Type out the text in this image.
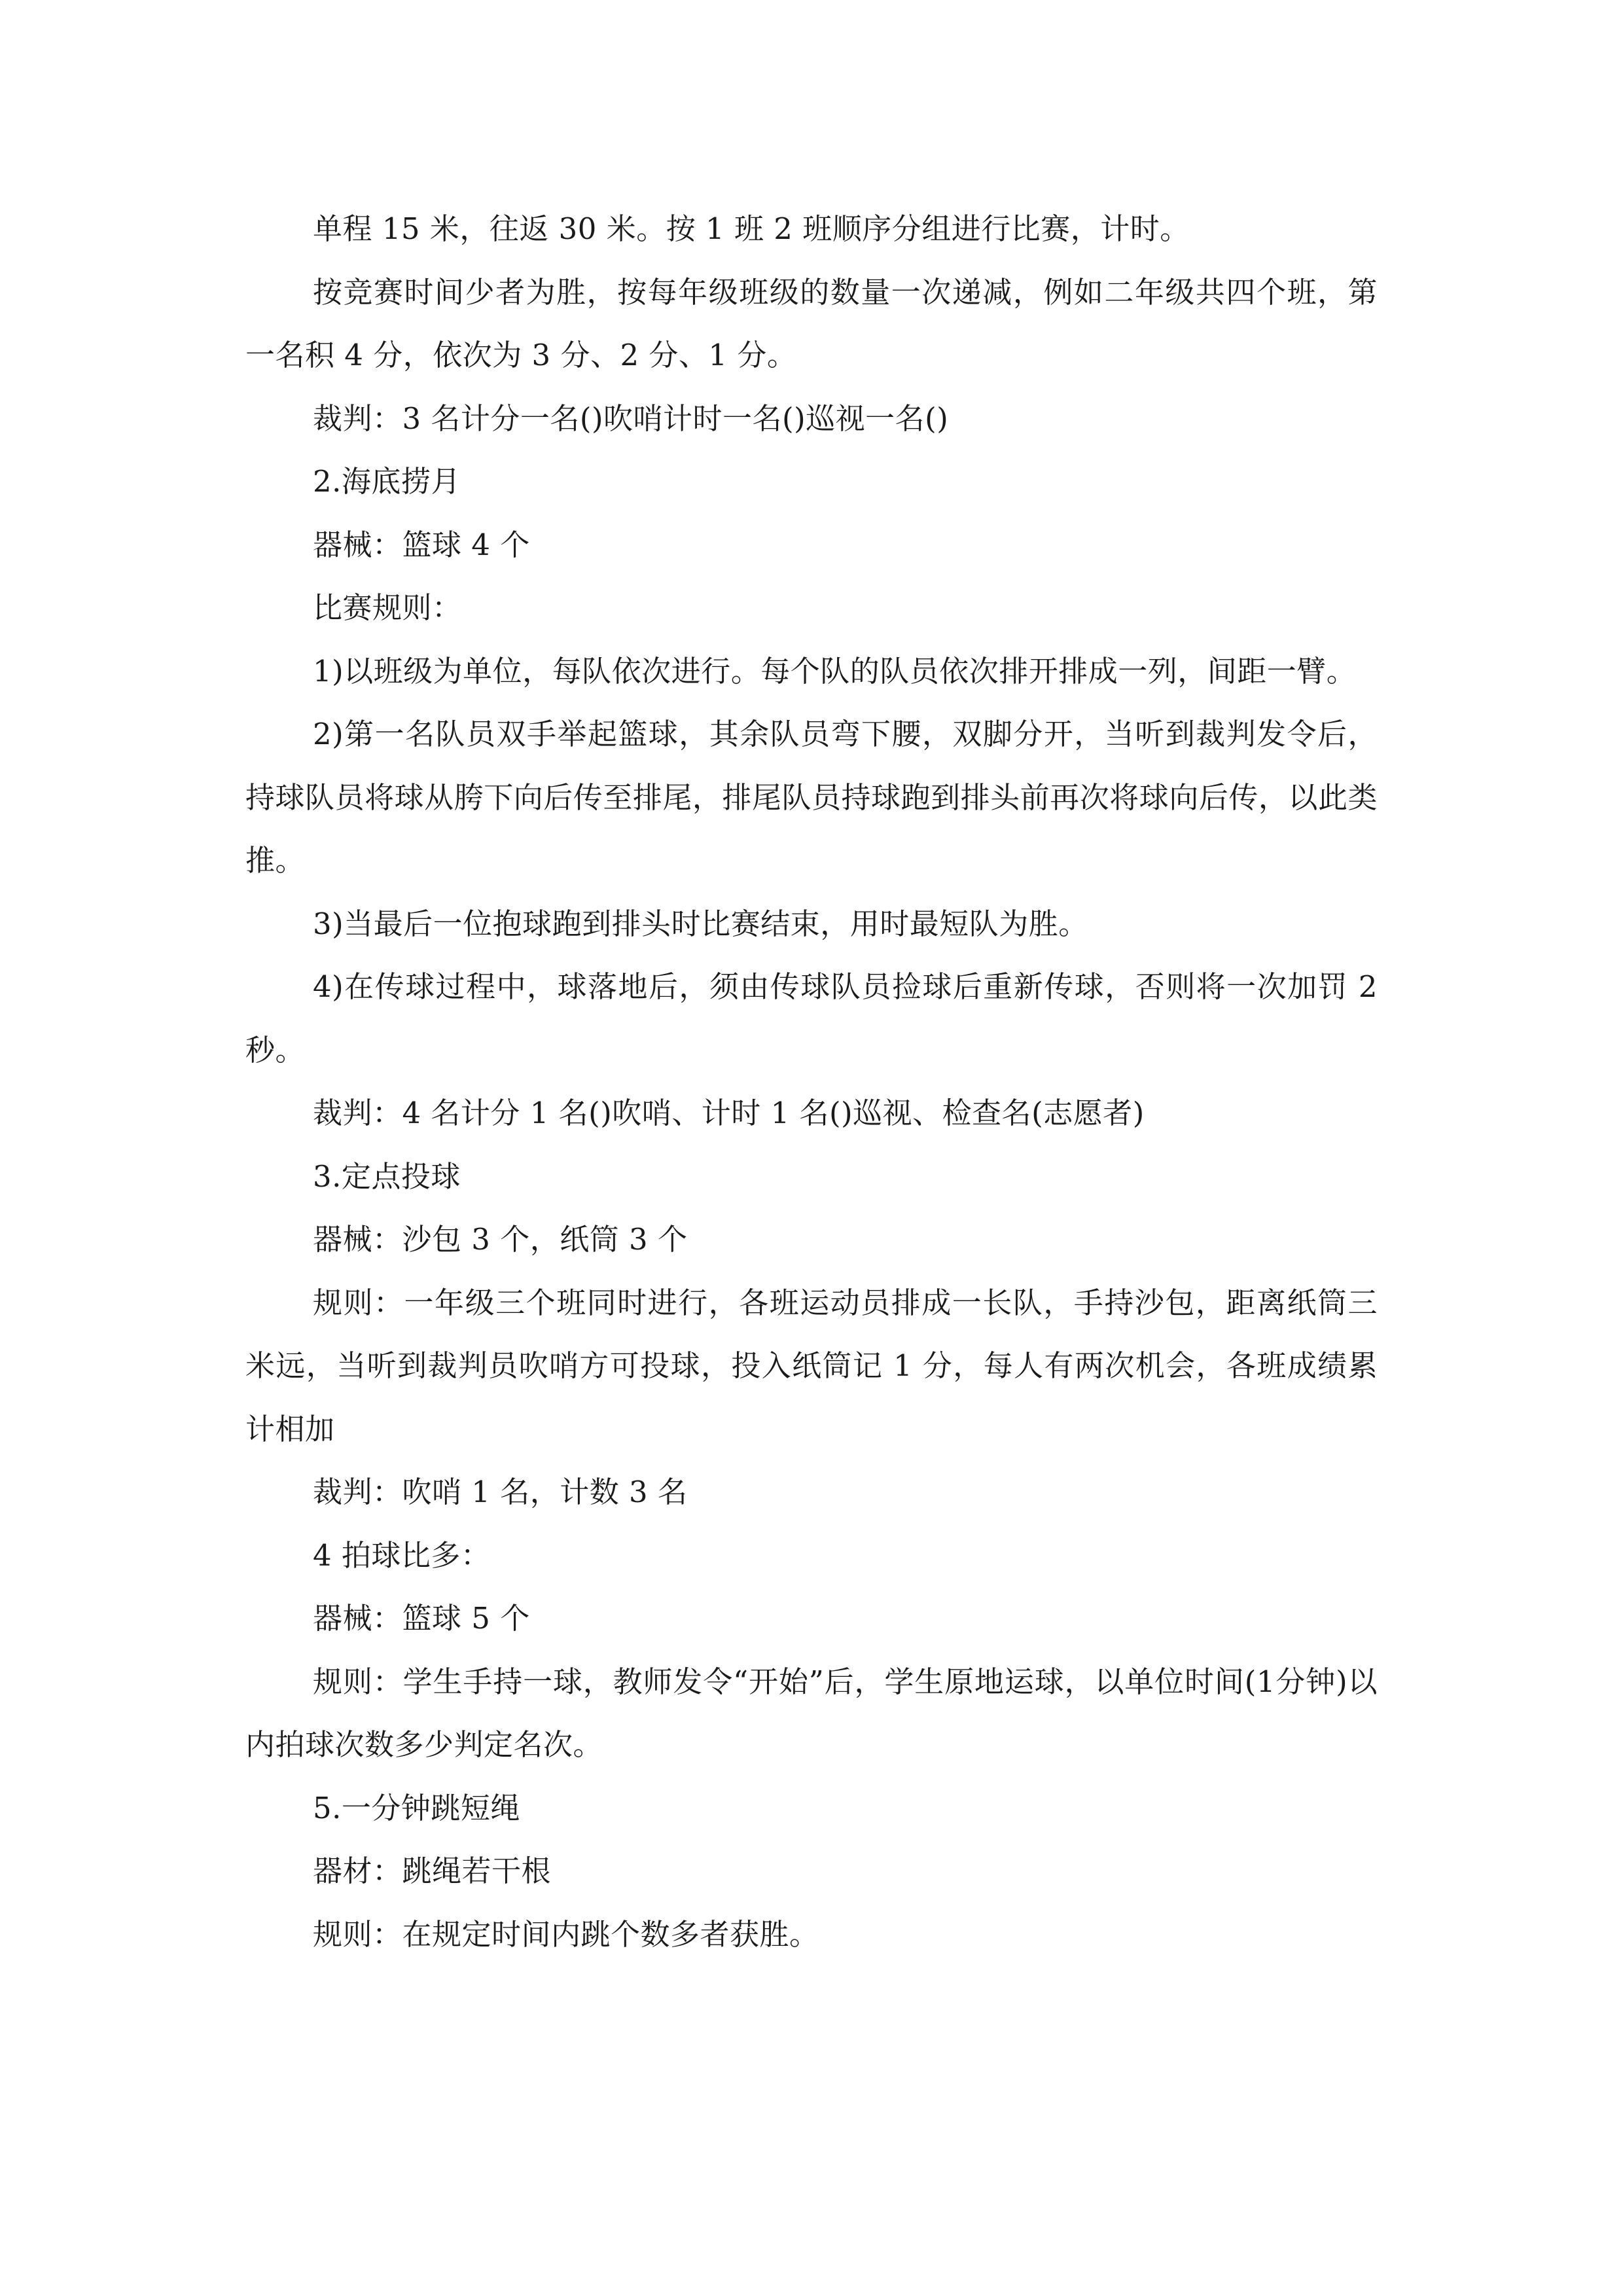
单程 15 米，往返 30 米。按 1 班 2 班顺序分组进行比赛，计时。

按竞赛时间少者为胜，按每年级班级的数量一次递减，例如二年级共四个班，第一名积 4 分，依次为 3 分、2 分、1 分。

裁判：3 名计分一名()吹哨计时一名()巡视一名()

2.海底捞月

器械：篮球 4 个

比赛规则：

1)以班级为单位，每队依次进行。每个队的队员依次排开排成一列，间距一臂。

2)第一名队员双手举起篮球，其余队员弯下腰，双脚分开，当听到裁判发令后，持球队员将球从胯下向后传至排尾，排尾队员持球跑到排头前再次将球向后传，以此类推。

3)当最后一位抱球跑到排头时比赛结束，用时最短队为胜。

4)在传球过程中，球落地后，须由传球队员捡球后重新传球，否则将一次加罚 2 秒。

裁判：4 名计分 1 名()吹哨、计时 1 名()巡视、检查名(志愿者)

3.定点投球

器械：沙包 3 个，纸筒 3 个

规则：一年级三个班同时进行，各班运动员排成一长队，手持沙包，距离纸筒三米远，当听到裁判员吹哨方可投球，投入纸筒记 1 分，每人有两次机会，各班成绩累计相加

裁判：吹哨 1 名，计数 3 名

4 拍球比多：

器械：篮球 5 个

规则：学生手持一球，教师发令“开始”后，学生原地运球，以单位时间(1分钟)以内拍球次数多少判定名次。

5.一分钟跳短绳

器材：跳绳若干根

规则：在规定时间内跳个数多者获胜。
